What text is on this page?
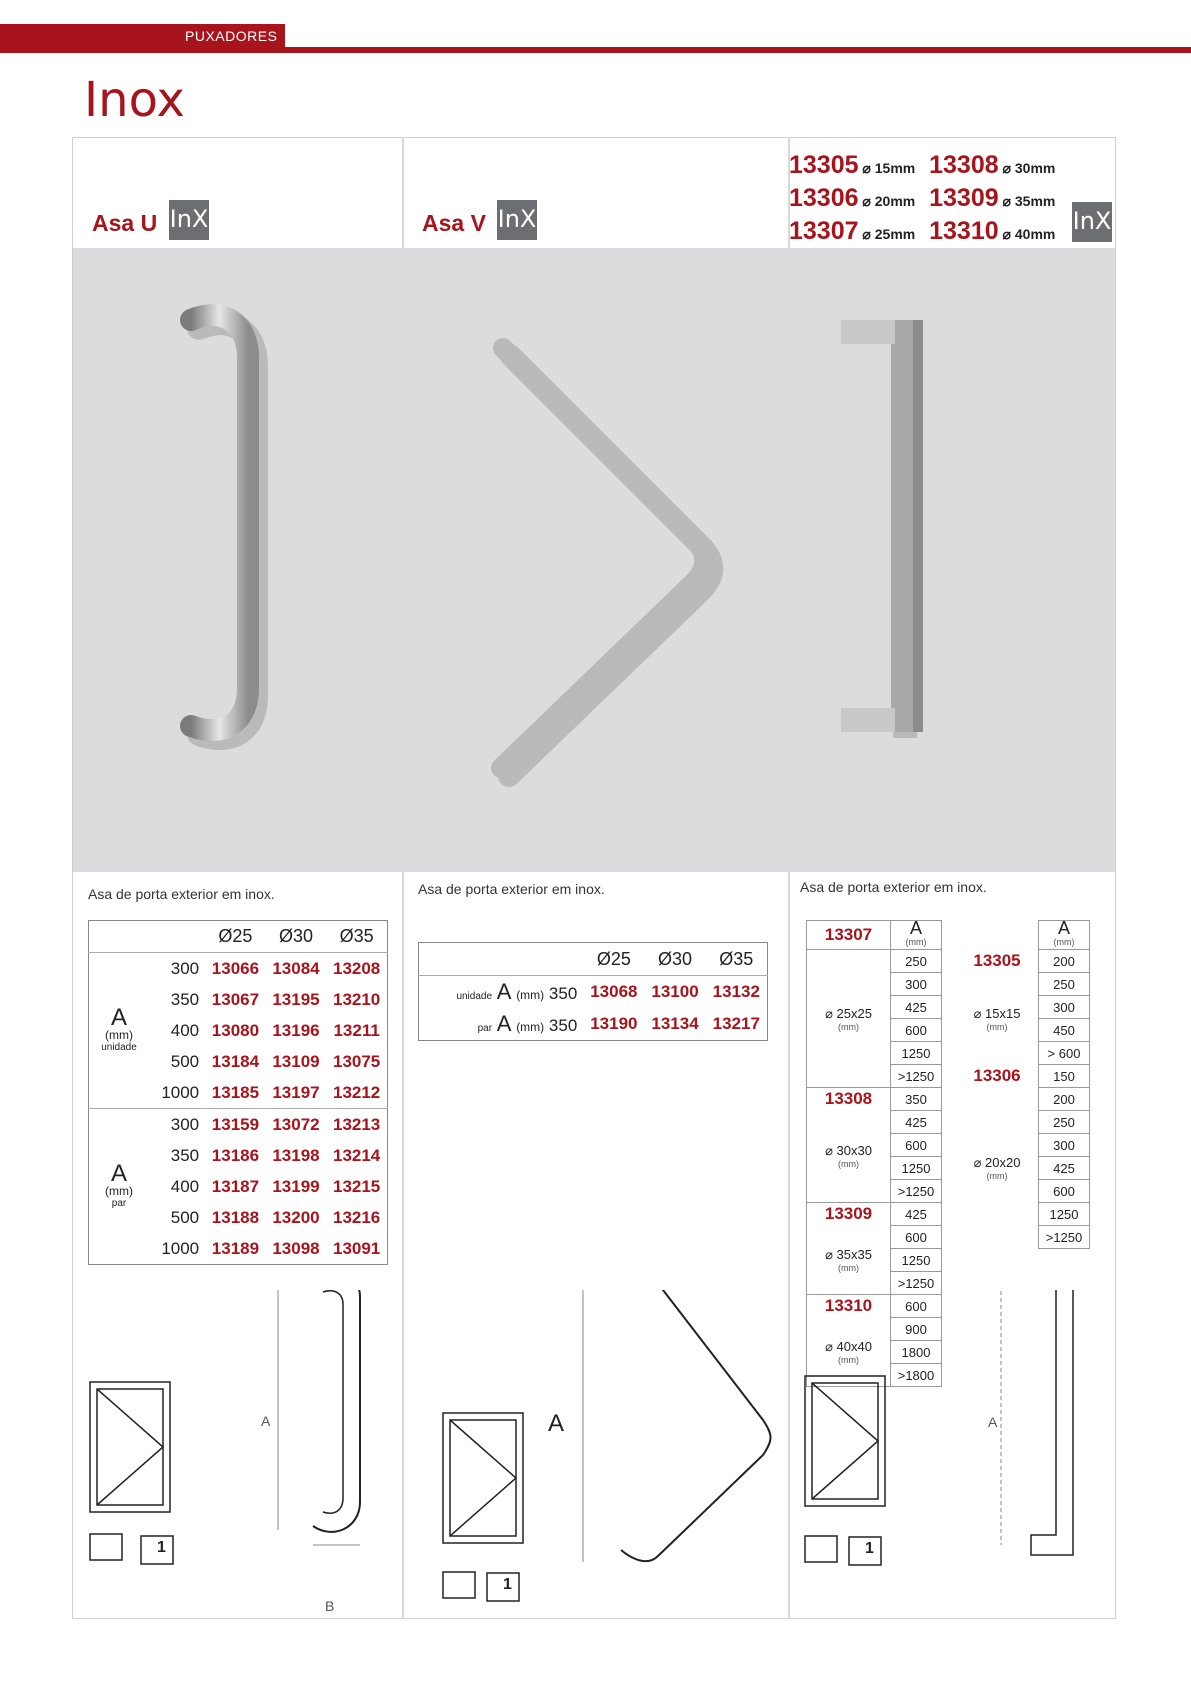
PUXADORES
Inox
Asa U InX	Asa V InX
13305 ⌀ 15mm 13308 ⌀ 30mm
13306 ⌀ 20mm 13309 ⌀ 35mm
13307 ⌀ 25mm 13310 ⌀ 40mm InX
Asa de porta exterior em inox.	Asa de porta exterior em inox.	Asa de porta exterior em inox.
		Ø25	Ø30	Ø35

A
(mm)
unidade	300	13066	13084	13208
	350	13067	13195	13210
	400	13080	13196	13211
	500	13184	13109	13075
	1000	13185	13197	13212

A
(mm)
par	300	13159	13072	13213
	350	13186	13198	13214
	400	13187	13199	13215
	500	13188	13200	13216
	1000	13189	13098	13091
	Ø25	Ø30	Ø35
unidade A (mm) 350	13068	13100	13132
par A (mm) 350	13190	13134	13217
13307	A
(mm)

⌀ 25x25
(mm)	250
	300
	425
	600
	1250
	>1250
13308	350
⌀ 30x30
(mm)	425
	600
	1250
	>1250
13309	425
⌀ 35x35
(mm)	600
	1250
	>1250
13310	600
⌀ 40x40
(mm)	900
	1800
	>1800

	A
(mm)

13305	200
⌀ 15x15
(mm)	250
	300
	450
	> 600
13306	150
⌀ 20x20
(mm)	200
	250
	300
	425
	600
	1250
	>1250
A
B
A	A
1
1
1
